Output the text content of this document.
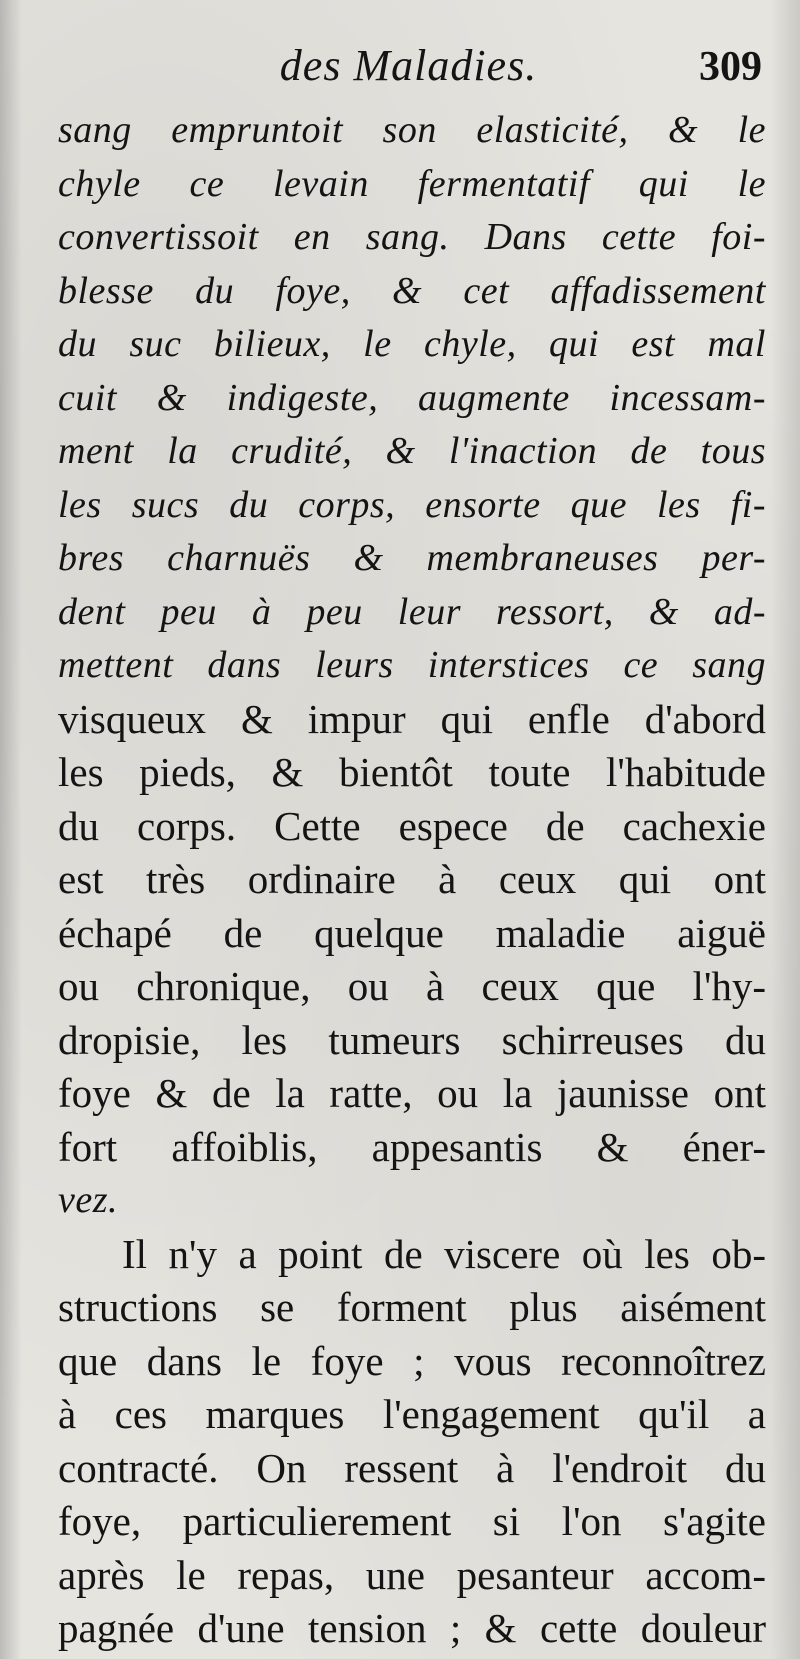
des Maladies.	309
sang empruntoit son elasticité, & le
chyle ce levain fermentatif qui le
convertissoit en sang. Dans cette foi-
blesse du foye, & cet affadissement
du suc bilieux, le chyle, qui est mal
cuit & indigeste, augmente incessam-
ment la crudité, & l'inaction de tous
les sucs du corps, ensorte que les fi-
bres charnuës & membraneuses per-
dent peu à peu leur ressort, & ad-
mettent dans leurs interstices ce sang
visqueux & impur qui enfle d'abord
les pieds, & bientôt toute l'habitude
du corps. Cette espece de cachexie
est très ordinaire à ceux qui ont
échapé de quelque maladie aiguë
ou chronique, ou à ceux que l'hy-
dropisie, les tumeurs schirreuses du
foye & de la ratte, ou la jaunisse ont
fort affoiblis, appesantis & éner-
vez.
Il n'y a point de viscere où les ob-
structions se forment plus aisément
que dans le foye ; vous reconnoîtrez
à ces marques l'engagement qu'il a
contracté. On ressent à l'endroit du
foye, particulierement si l'on s'agite
après le repas, une pesanteur accom-
pagnée d'une tension ; & cette douleur
